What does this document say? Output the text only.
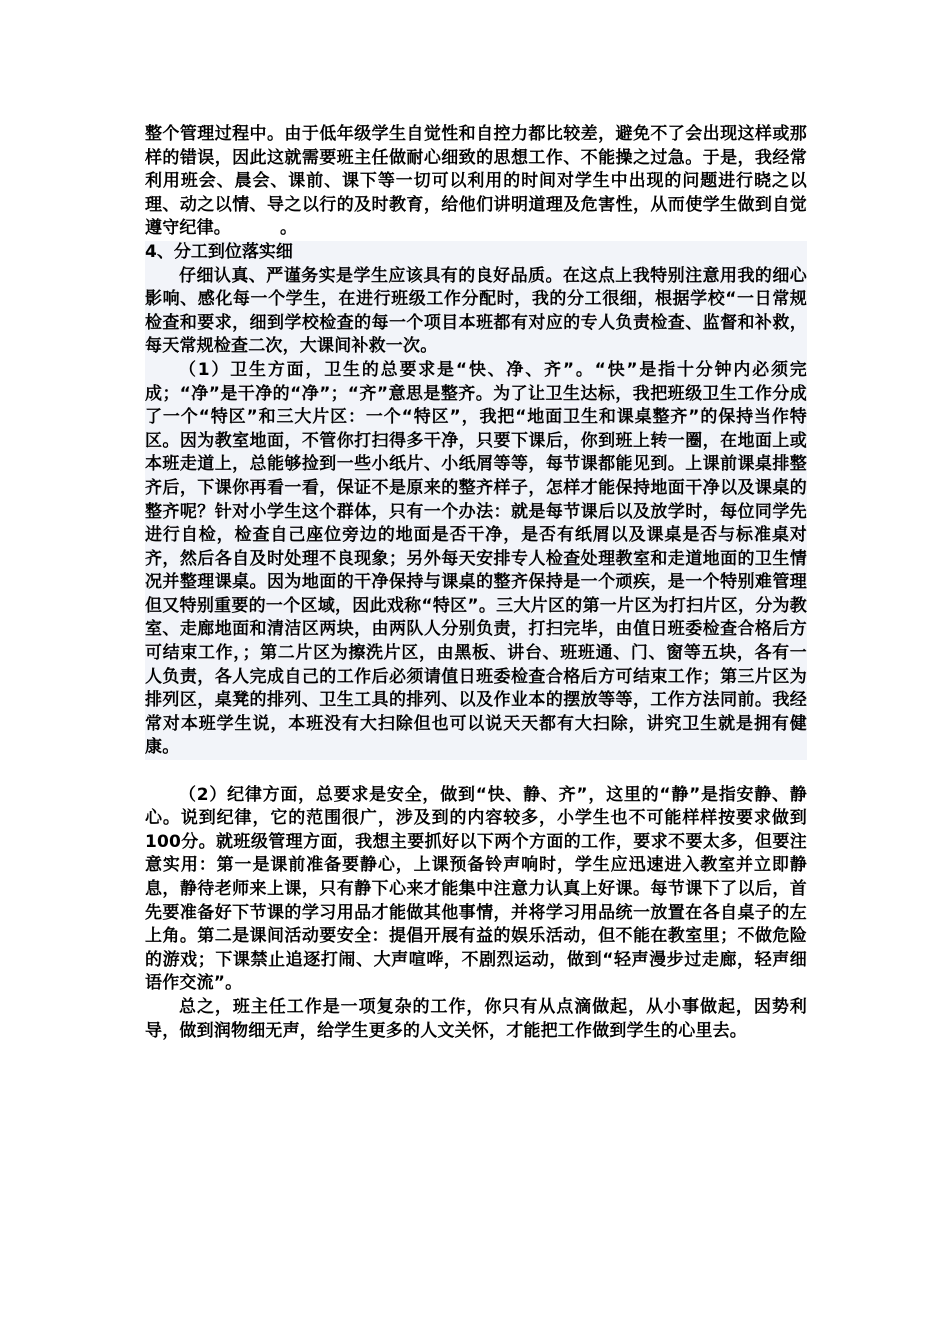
整个管理过程中。由于低年级学生自觉性和自控力都比较差，避免不了会出现这样或那样的错误，因此这就需要班主任做耐心细致的思想工作、不能操之过急。于是，我经常利用班会、晨会、课前、课下等一切可以利用的时间对学生中出现的问题进行晓之以理、动之以情、导之以行的及时教育，给他们讲明道理及危害性，从而使学生做到自觉遵守纪律。        。

4、分工到位落实细

仔细认真、严谨务实是学生应该具有的良好品质。在这点上我特别注意用我的细心影响、感化每一个学生，在进行班级工作分配时，我的分工很细，根据学校“一日常规检查和要求，细到学校检查的每一个项目本班都有对应的专人负责检查、监督和补救，每天常规检查二次，大课间补救一次。

（1）卫生方面，卫生的总要求是“快、净、齐”。“快”是指十分钟内必须完成；“净”是干净的“净”；“齐”意思是整齐。为了让卫生达标，我把班级卫生工作分成了一个“特区”和三大片区：一个“特区”，我把“地面卫生和课桌整齐”的保持当作特区。因为教室地面，不管你打扫得多干净，只要下课后，你到班上转一圈，在地面上或本班走道上，总能够捡到一些小纸片、小纸屑等等，每节课都能见到。上课前课桌排整齐后，下课你再看一看，保证不是原来的整齐样子，怎样才能保持地面干净以及课桌的整齐呢？针对小学生这个群体，只有一个办法：就是每节课后以及放学时，每位同学先进行自检，检查自己座位旁边的地面是否干净，是否有纸屑以及课桌是否与标准桌对齐，然后各自及时处理不良现象；另外每天安排专人检查处理教室和走道地面的卫生情况并整理课桌。因为地面的干净保持与课桌的整齐保持是一个顽疾，是一个特别难管理但又特别重要的一个区域，因此戏称“特区”。三大片区的第一片区为打扫片区，分为教室、走廊地面和清洁区两块，由两队人分别负责，打扫完毕，由值日班委检查合格后方可结束工作，；第二片区为擦洗片区，由黑板、讲台、班班通、门、窗等五块，各有一人负责，各人完成自己的工作后必须请值日班委检查合格后方可结束工作；第三片区为排列区，桌凳的排列、卫生工具的排列、以及作业本的摆放等等，工作方法同前。我经常对本班学生说，本班没有大扫除但也可以说天天都有大扫除，讲究卫生就是拥有健康。

（2）纪律方面，总要求是安全，做到“快、静、齐”，这里的“静”是指安静、静心。说到纪律，它的范围很广，涉及到的内容较多，小学生也不可能样样按要求做到100分。就班级管理方面，我想主要抓好以下两个方面的工作，要求不要太多，但要注意实用：第一是课前准备要静心，上课预备铃声响时，学生应迅速进入教室并立即静息，静待老师来上课，只有静下心来才能集中注意力认真上好课。每节课下了以后，首先要准备好下节课的学习用品才能做其他事情，并将学习用品统一放置在各自桌子的左上角。第二是课间活动要安全：提倡开展有益的娱乐活动，但不能在教室里；不做危险的游戏；下课禁止追逐打闹、大声喧哗，不剧烈运动，做到“轻声漫步过走廊，轻声细语作交流”。

总之，班主任工作是一项复杂的工作，你只有从点滴做起，从小事做起，因势利导，做到润物细无声，给学生更多的人文关怀，才能把工作做到学生的心里去。
